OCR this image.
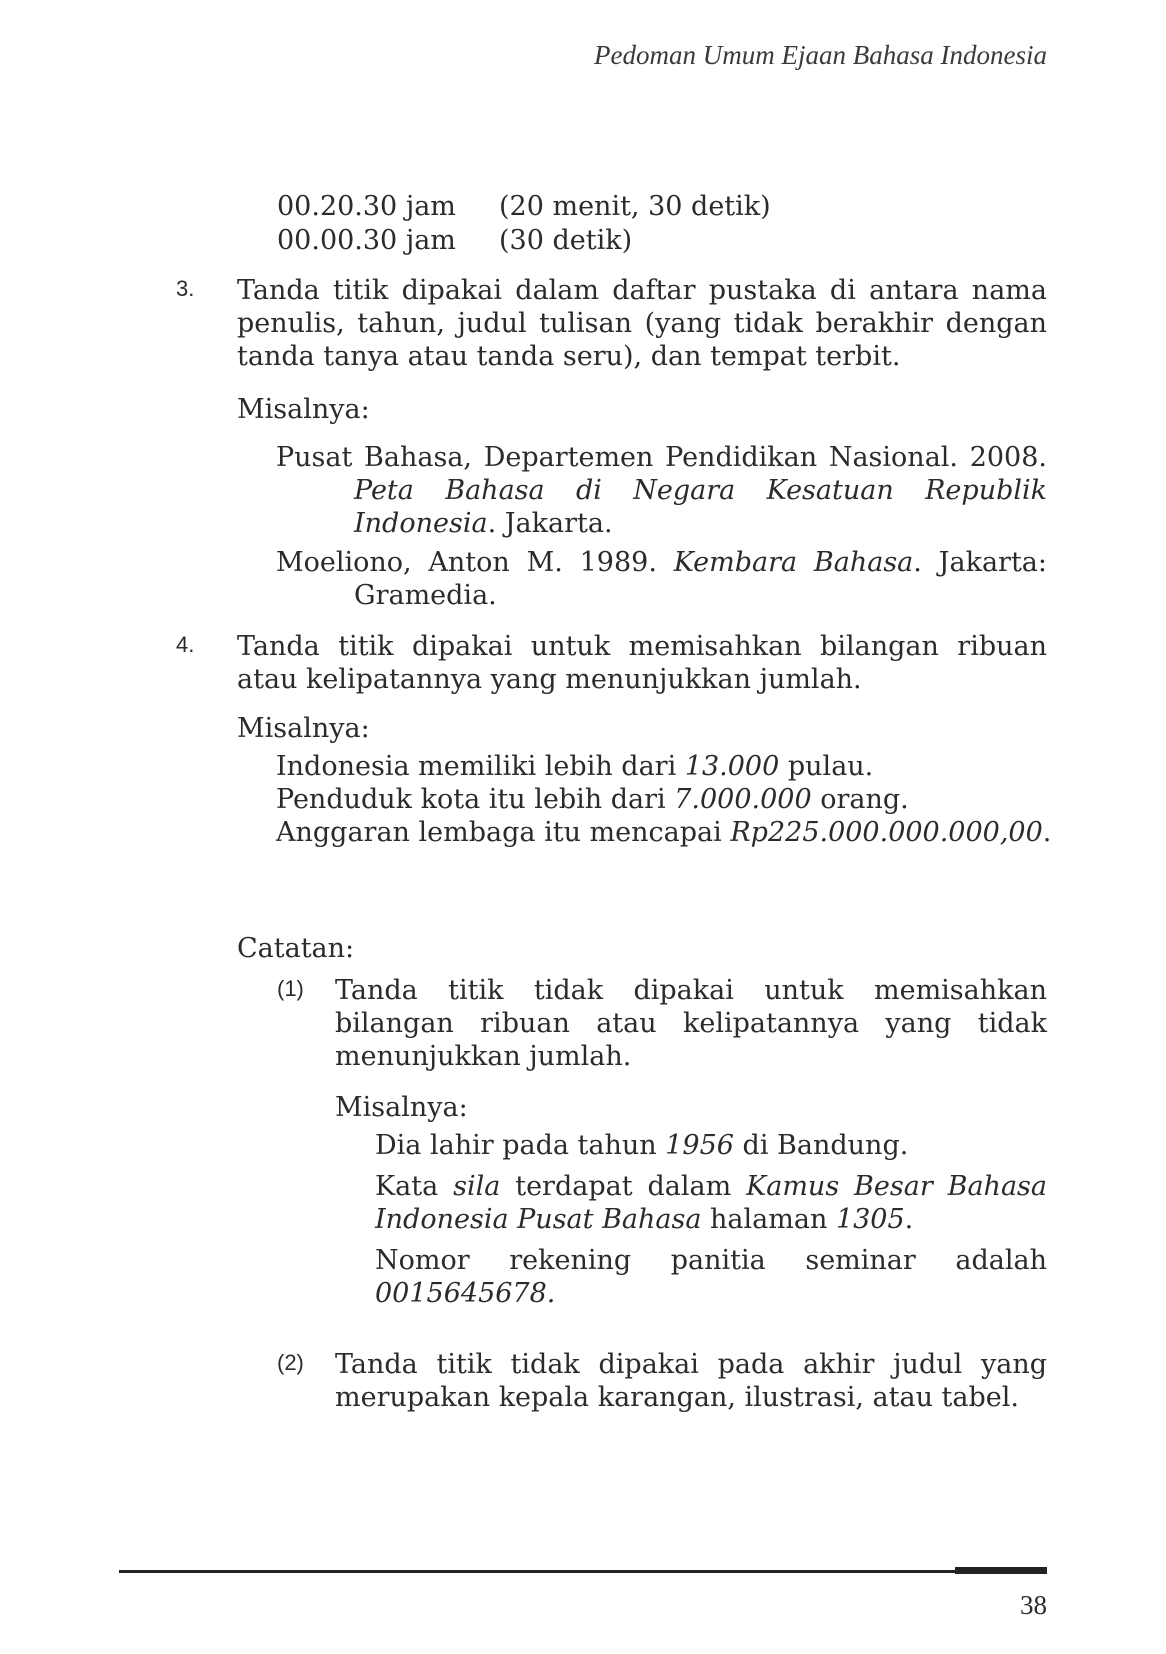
Pedoman Umum Ejaan Bahasa Indonesia
00.20.30 jam (20 menit, 30 detik)
00.00.30 jam (30 detik)
3. Tanda titik dipakai dalam daftar pustaka di antara nama penulis, tahun, judul tulisan (yang tidak berakhir dengan tanda tanya atau tanda seru), dan tempat terbit.
Misalnya:
Pusat Bahasa, Departemen Pendidikan Nasional. 2008. Peta Bahasa di Negara Kesatuan Republik Indonesia. Jakarta.
Moeliono, Anton M. 1989. Kembara Bahasa. Jakarta: Gramedia.
4. Tanda titik dipakai untuk memisahkan bilangan ribuan atau kelipatannya yang menunjukkan jumlah.
Misalnya:
Indonesia memiliki lebih dari 13.000 pulau.
Penduduk kota itu lebih dari 7.000.000 orang.
Anggaran lembaga itu mencapai Rp225.000.000.000,00.
Catatan:
(1) Tanda titik tidak dipakai untuk memisahkan bilangan ribuan atau kelipatannya yang tidak menunjukkan jumlah.
Misalnya:
Dia lahir pada tahun 1956 di Bandung.
Kata sila terdapat dalam Kamus Besar Bahasa Indonesia Pusat Bahasa halaman 1305.
Nomor rekening panitia seminar adalah 0015645678.
(2) Tanda titik tidak dipakai pada akhir judul yang merupakan kepala karangan, ilustrasi, atau tabel.
38
